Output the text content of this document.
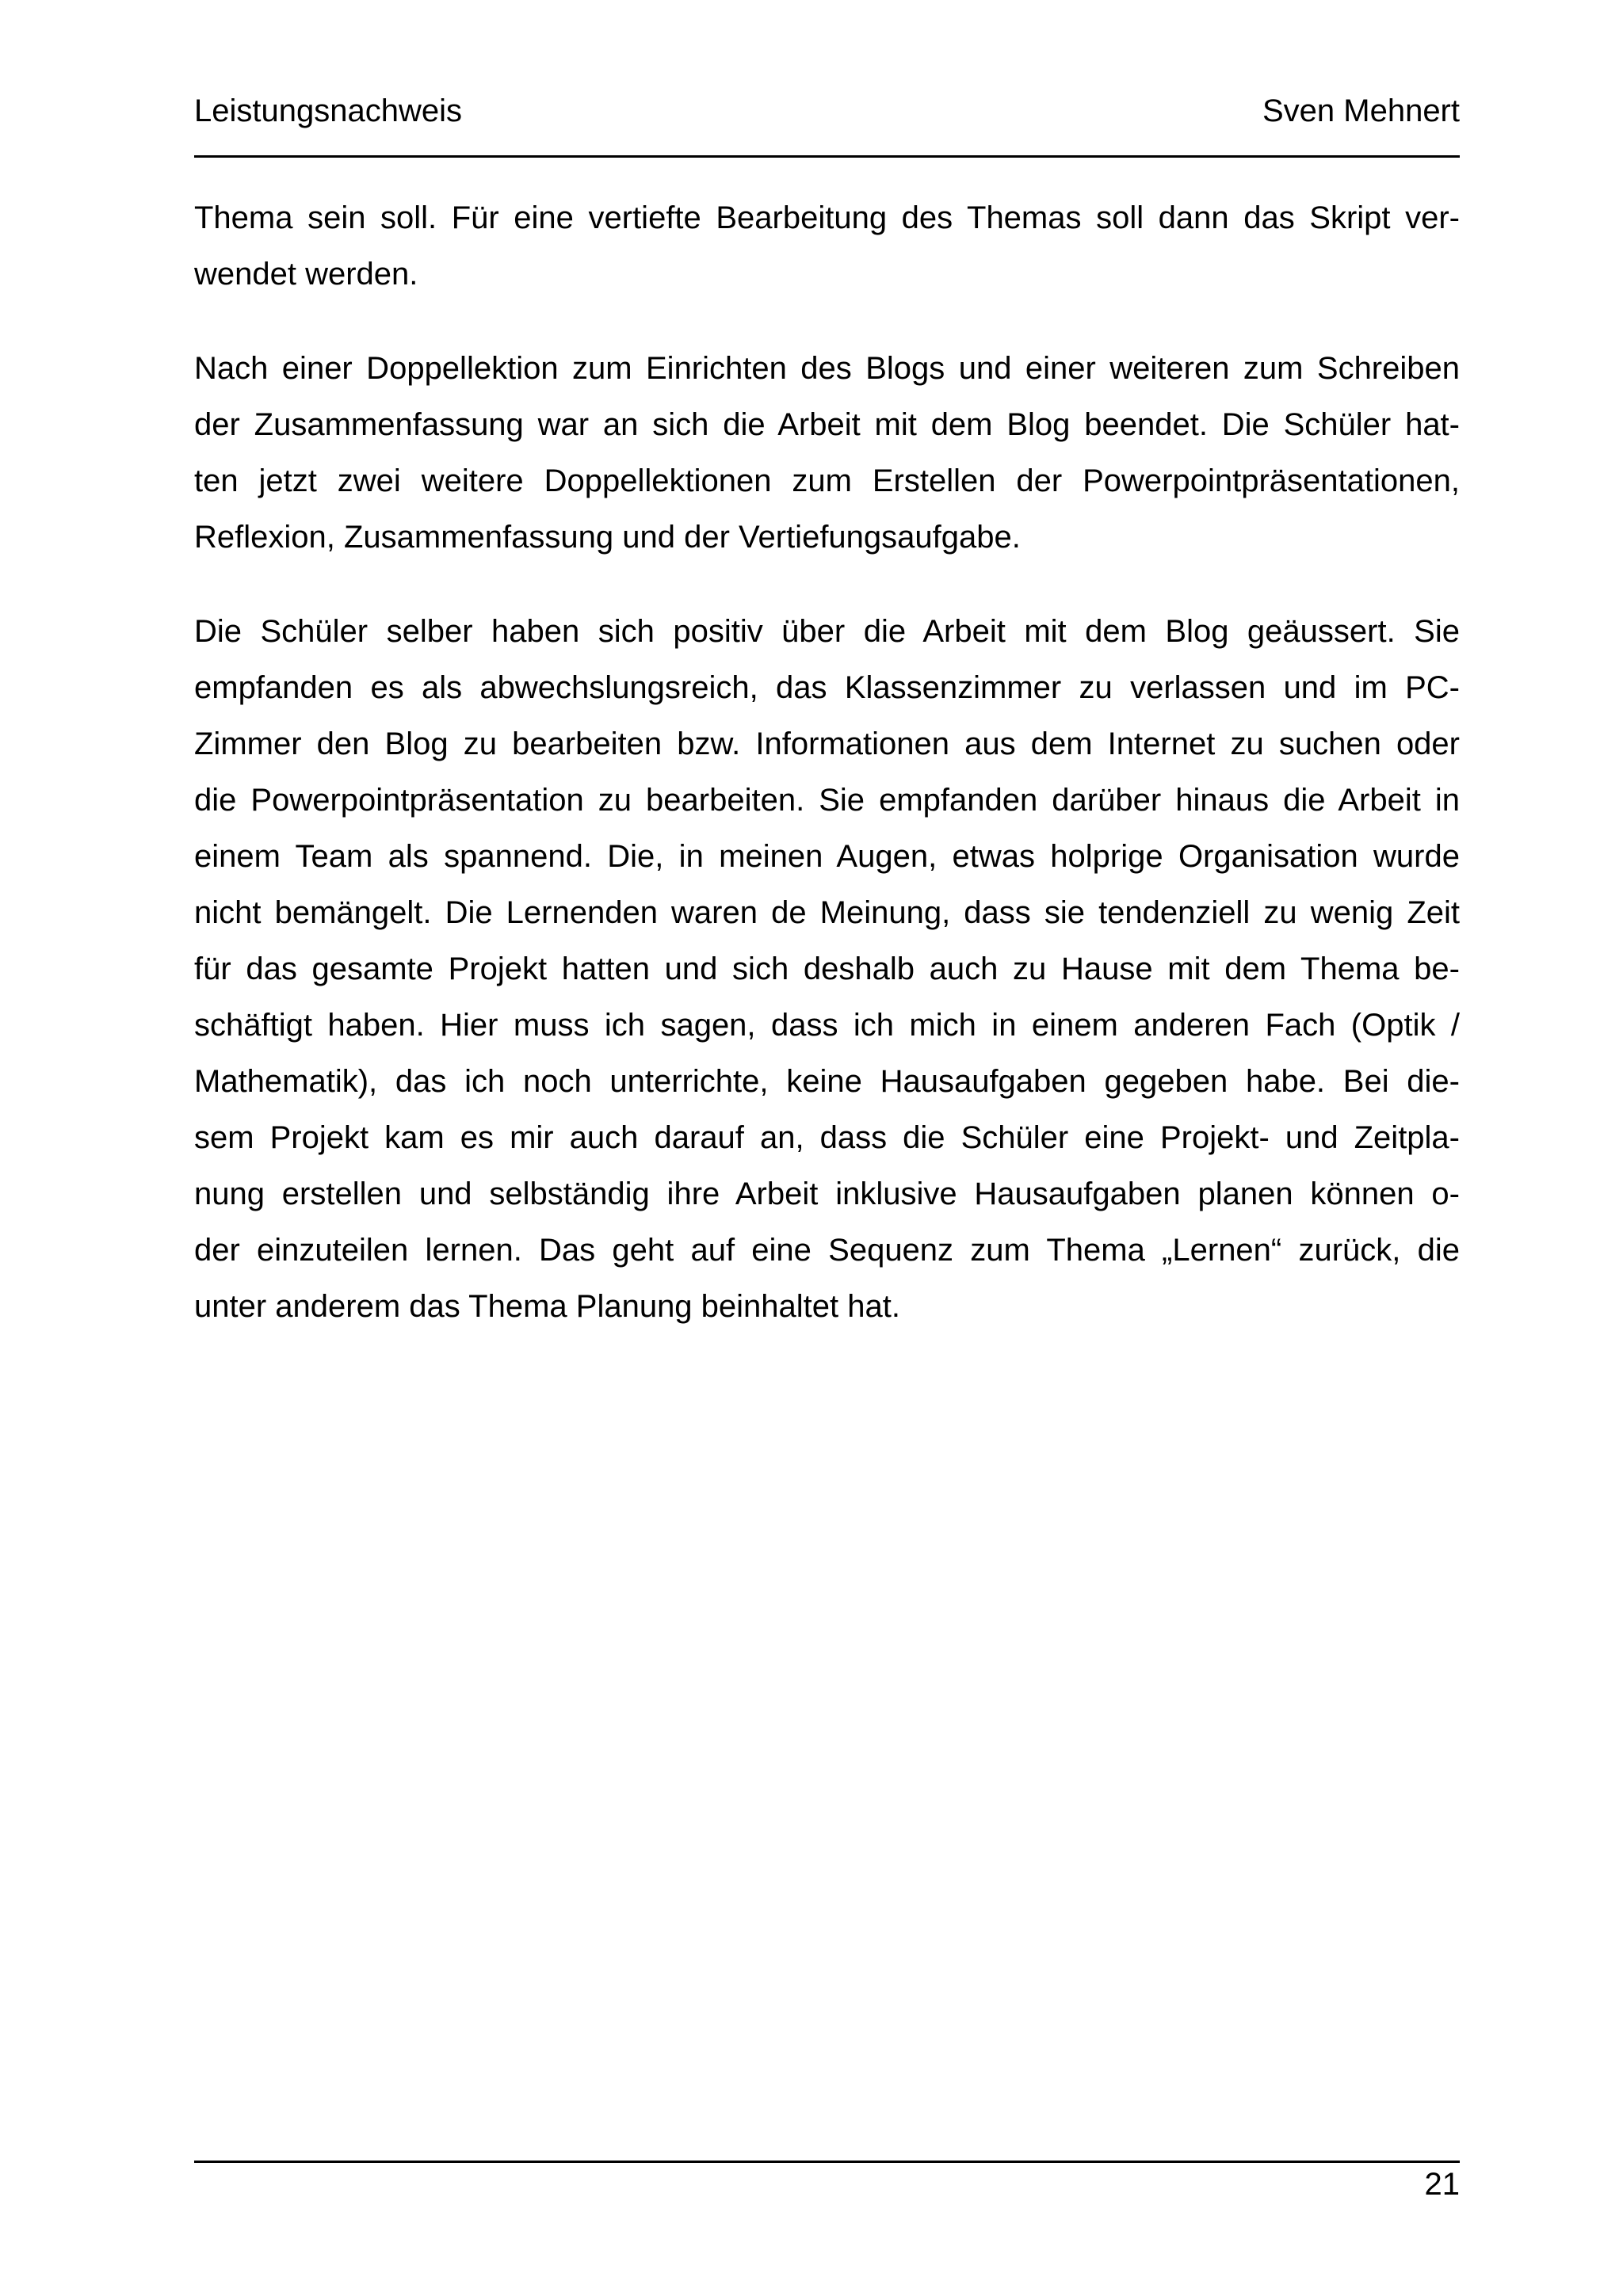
Leistungsnachweis	Sven Mehnert

Thema sein soll. Für eine vertiefte Bearbeitung des Themas soll dann das Skript ver-
wendet werden.

Nach einer Doppellektion zum Einrichten des Blogs und einer weiteren zum Schreiben
der Zusammenfassung war an sich die Arbeit mit dem Blog beendet. Die Schüler hat-
ten jetzt zwei weitere Doppellektionen zum Erstellen der Powerpointpräsentationen,
Reflexion, Zusammenfassung und der Vertiefungsaufgabe.

Die Schüler selber haben sich positiv über die Arbeit mit dem Blog geäussert. Sie
empfanden es als abwechslungsreich, das Klassenzimmer zu verlassen und im PC-
Zimmer den Blog zu bearbeiten bzw. Informationen aus dem Internet zu suchen oder
die Powerpointpräsentation zu bearbeiten. Sie empfanden darüber hinaus die Arbeit in
einem Team als spannend. Die, in meinen Augen, etwas holprige Organisation wurde
nicht bemängelt. Die Lernenden waren de Meinung, dass sie tendenziell zu wenig Zeit
für das gesamte Projekt hatten und sich deshalb auch zu Hause mit dem Thema be-
schäftigt haben. Hier muss ich sagen, dass ich mich in einem anderen Fach (Optik /
Mathematik), das ich noch unterrichte, keine Hausaufgaben gegeben habe. Bei die-
sem Projekt kam es mir auch darauf an, dass die Schüler eine Projekt- und Zeitpla-
nung erstellen und selbständig ihre Arbeit inklusive Hausaufgaben planen können o-
der einzuteilen lernen. Das geht auf eine Sequenz zum Thema „Lernen“ zurück, die
unter anderem das Thema Planung beinhaltet hat.

21
